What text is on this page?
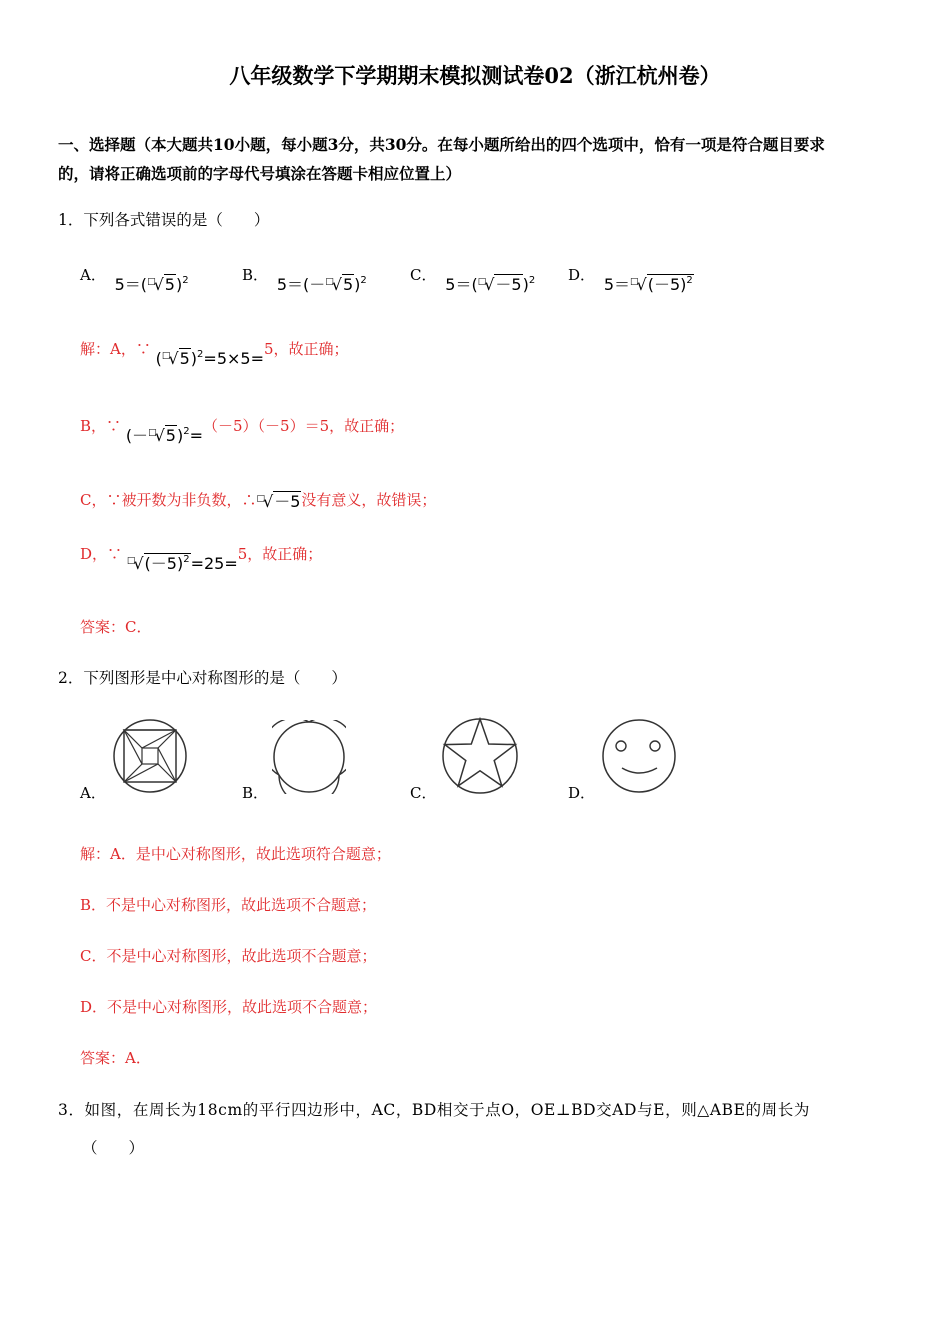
八年级数学下学期期末模拟测试卷02（浙江杭州卷）
一、选择题（本大题共10小题，每小题3分，共30分。在每小题所给出的四个选项中，恰有一项是符合题目要求
的，请将正确选项前的字母代号填涂在答题卡相应位置上）
1．下列各式错误的是（　　）
A． $5=(^□√5)^2$	B． $5=(-^□√5)^2$	C． $5=(^□√-5)^2$ D． $5=^□√(-5)^2$
解：A，∵ $(^□√5)^2=5\times 5=5$，故正确；
B，∵ $(-^□√5)^2=(-5)(-5)=5$，故正确；
C，∵被开数为非负数，∴□√－5没有意义，故错误；
D，∵ $^□√(-5)^2=25=5$，故正确；
答案：C．
2．下列图形是中心对称图形的是（　　）
A．	B．	C．	D．
解：A．是中心对称图形，故此选项符合题意；
B．不是中心对称图形，故此选项不合题意；
C．不是中心对称图形，故此选项不合题意；
D．不是中心对称图形，故此选项不合题意；
答案：A．
3．如图，在周长为18cm的平行四边形中，AC，BD相交于点O，OE⊥BD交AD与E，则△ABE的周长为
（　　）
